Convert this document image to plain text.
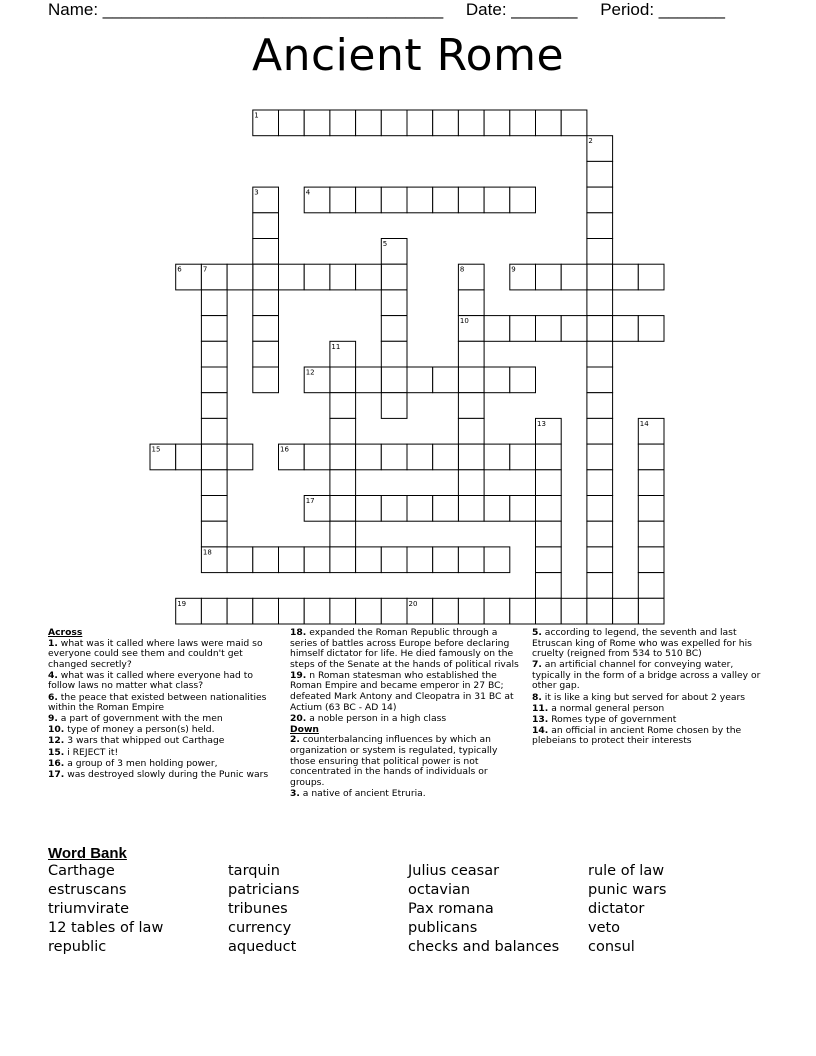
Name: ____________________________________ Date: _______ Period: _______
Ancient Rome
1
2
3	4
5
6	7	8	9
10
11
12
13	14
15	16
17
18
19	20
Across
1. what was it called where laws were maid so everyone could see them and couldn't get changed secretly?
4. what was it called where everyone had to follow laws no matter what class?
6. the peace that existed between nationalities within the Roman Empire
9. a part of government with the men
10. type of money a person(s) held.
12. 3 wars that whipped out Carthage
15. i REJECT it!
16. a group of 3 men holding power,
17. was destroyed slowly during the Punic wars
18. expanded the Roman Republic through a series of battles across Europe before declaring himself dictator for life. He died famously on the steps of the Senate at the hands of political rivals
19. n Roman statesman who established the Roman Empire and became emperor in 27 BC; defeated Mark Antony and Cleopatra in 31 BC at Actium (63 BC - AD 14)
20. a noble person in a high class
Down
2. counterbalancing influences by which an organization or system is regulated, typically those ensuring that political power is not concentrated in the hands of individuals or groups.
3. a native of ancient Etruria.
5. according to legend, the seventh and last Etruscan king of Rome who was expelled for his cruelty (reigned from 534 to 510 BC)
7. an artificial channel for conveying water, typically in the form of a bridge across a valley or other gap.
8. it is like a king but served for about 2 years
11. a normal general person
13. Romes type of government
14. an official in ancient Rome chosen by the plebeians to protect their interests
Word Bank
Carthage
estruscans
triumvirate
12 tables of law
republic
tarquin
patricians
tribunes
currency
aqueduct
Julius ceasar
octavian
Pax romana
publicans
checks and balances
rule of law
punic wars
dictator
veto
consul
